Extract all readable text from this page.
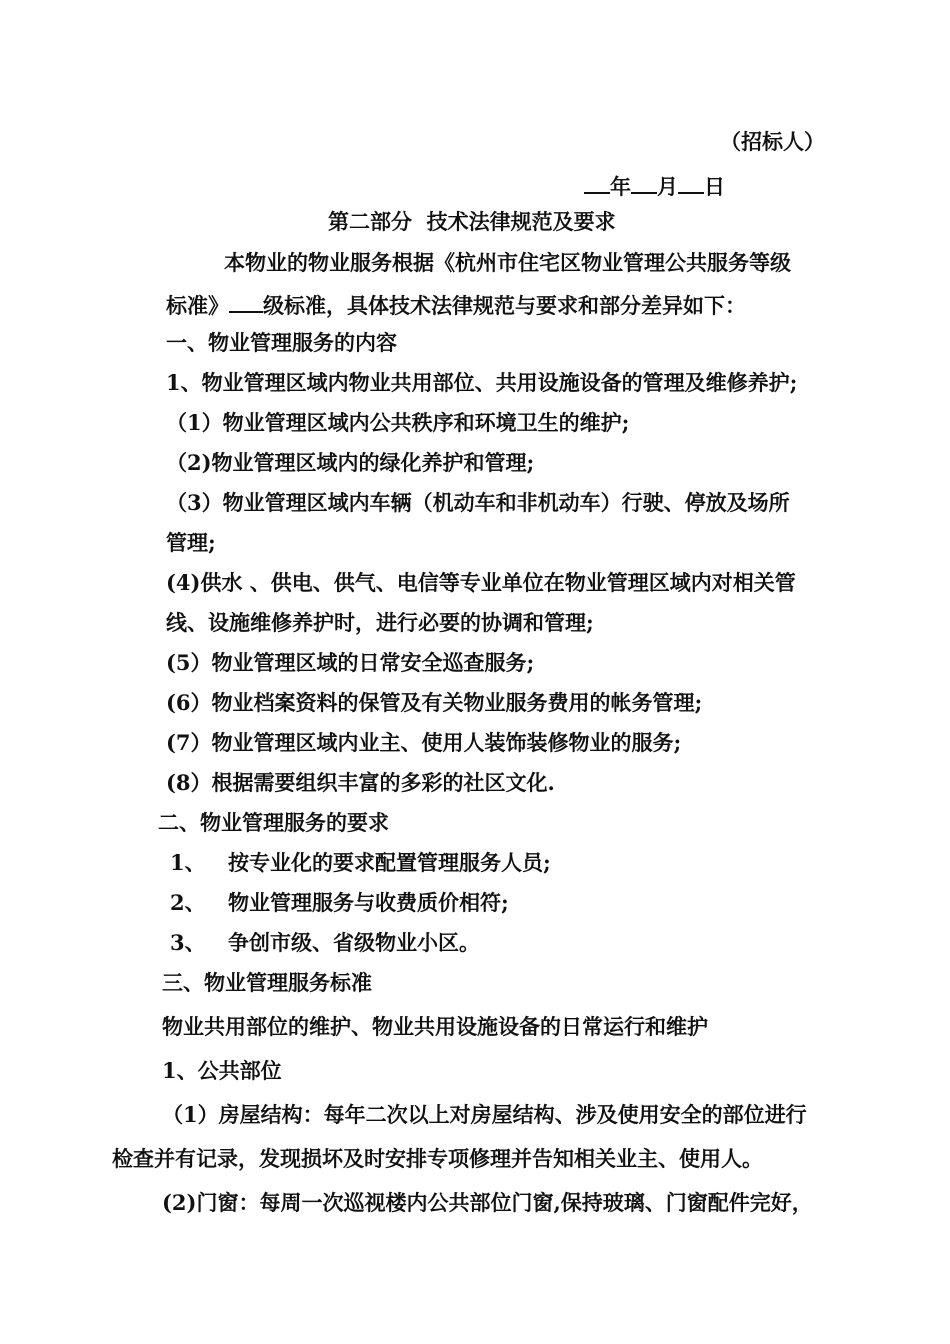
（招标人）
年 月 日
第二部分  技术法律规范及要求
本物业的物业服务根据《杭州市住宅区物业管理公共服务等级
标准》 级标准，具体技术法律规范与要求和部分差异如下：
一、物业管理服务的内容
1、物业管理区域内物业共用部位、共用设施设备的管理及维修养护;
（1）物业管理区域内公共秩序和环境卫生的维护;
（2)物业管理区域内的绿化养护和管理;
（3）物业管理区域内车辆（机动车和非机动车）行驶、停放及场所
管理;
(4)供水 、供电、供气、电信等专业单位在物业管理区域内对相关管
线、设施维修养护时，进行必要的协调和管理;
(5）物业管理区域的日常安全巡查服务;
(6）物业档案资料的保管及有关物业服务费用的帐务管理;
(7）物业管理区域内业主、使用人装饰装修物业的服务;
(8）根据需要组织丰富的多彩的社区文化.
二、物业管理服务的要求
1、 按专业化的要求配置管理服务人员;
2、 物业管理服务与收费质价相符;
3、 争创市级、省级物业小区。
三、物业管理服务标准
物业共用部位的维护、物业共用设施设备的日常运行和维护
1、公共部位
（1）房屋结构：每年二次以上对房屋结构、涉及使用安全的部位进行
检查并有记录，发现损坏及时安排专项修理并告知相关业主、使用人。
(2)门窗：每周一次巡视楼内公共部位门窗,保持玻璃、门窗配件完好，
